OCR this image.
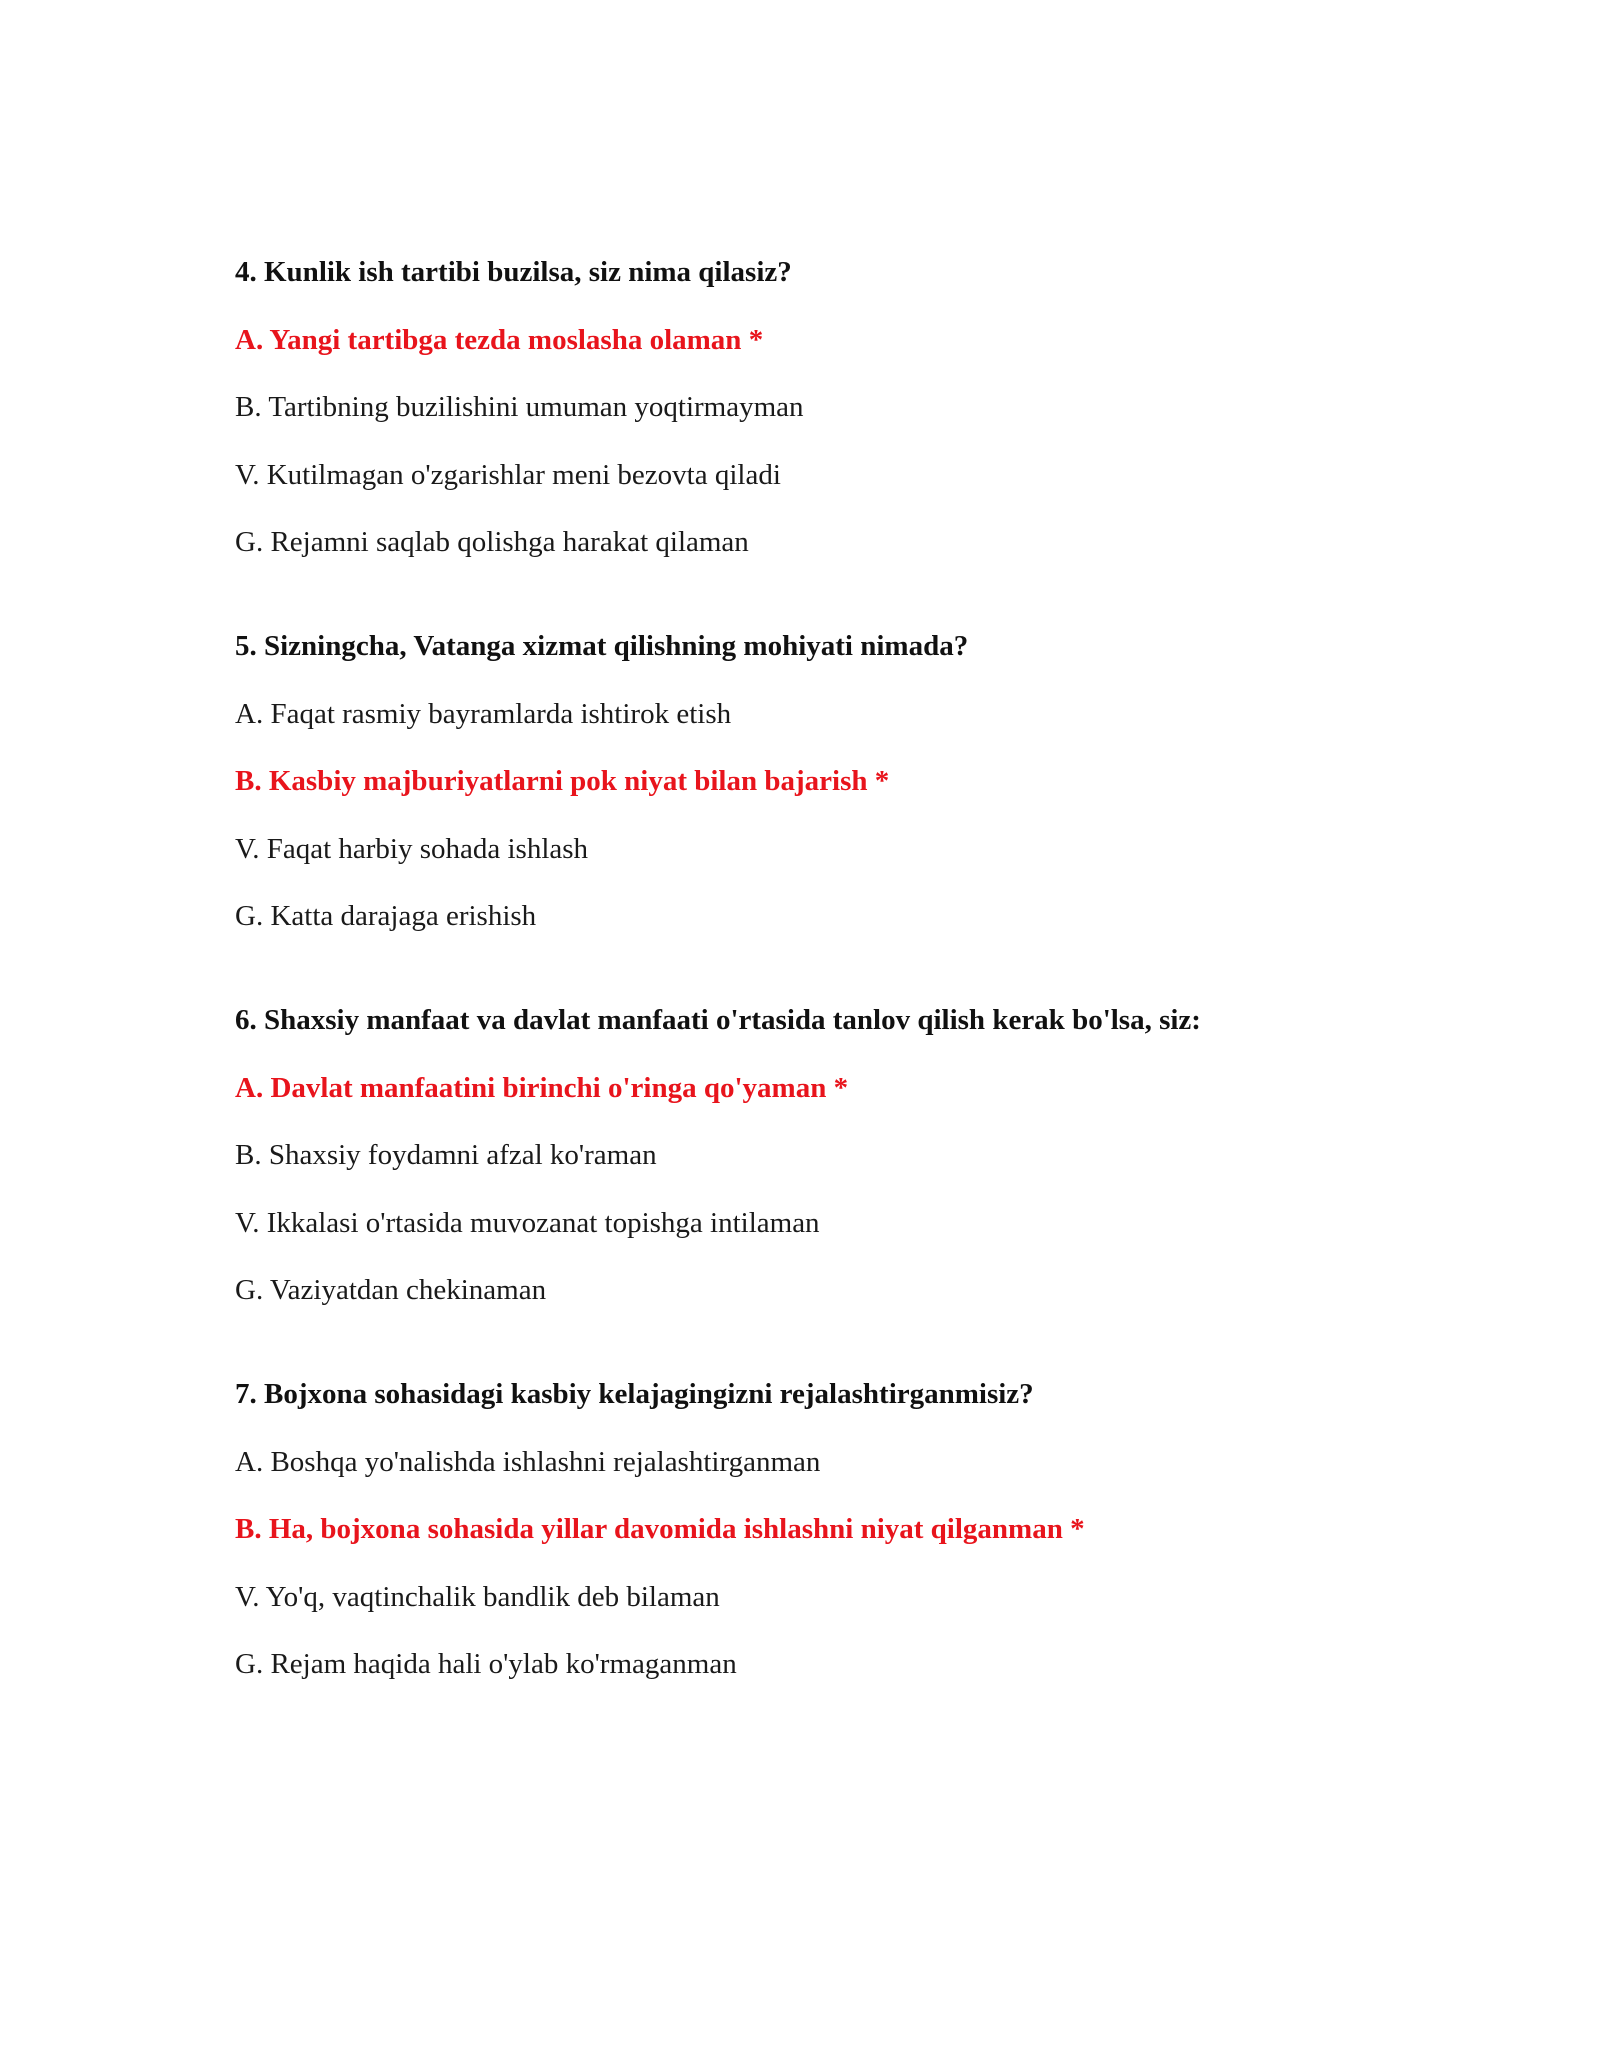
4. Kunlik ish tartibi buzilsa, siz nima qilasiz?
A. Yangi tartibga tezda moslasha olaman *
B. Tartibning buzilishini umuman yoqtirmayman
V. Kutilmagan o'zgarishlar meni bezovta qiladi
G. Rejamni saqlab qolishga harakat qilaman
5. Sizningcha, Vatanga xizmat qilishning mohiyati nimada?
A. Faqat rasmiy bayramlarda ishtirok etish
B. Kasbiy majburiyatlarni pok niyat bilan bajarish *
V. Faqat harbiy sohada ishlash
G. Katta darajaga erishish
6. Shaxsiy manfaat va davlat manfaati o'rtasida tanlov qilish kerak bo'lsa, siz:
A. Davlat manfaatini birinchi o'ringa qo'yaman *
B. Shaxsiy foydamni afzal ko'raman
V. Ikkalasi o'rtasida muvozanat topishga intilaman
G. Vaziyatdan chekinaman
7. Bojxona sohasidagi kasbiy kelajagingizni rejalashtirganmisiz?
A. Boshqa yo'nalishda ishlashni rejalashtirganman
B. Ha, bojxona sohasida yillar davomida ishlashni niyat qilganman *
V. Yo'q, vaqtinchalik bandlik deb bilaman
G. Rejam haqida hali o'ylab ko'rmaganman
